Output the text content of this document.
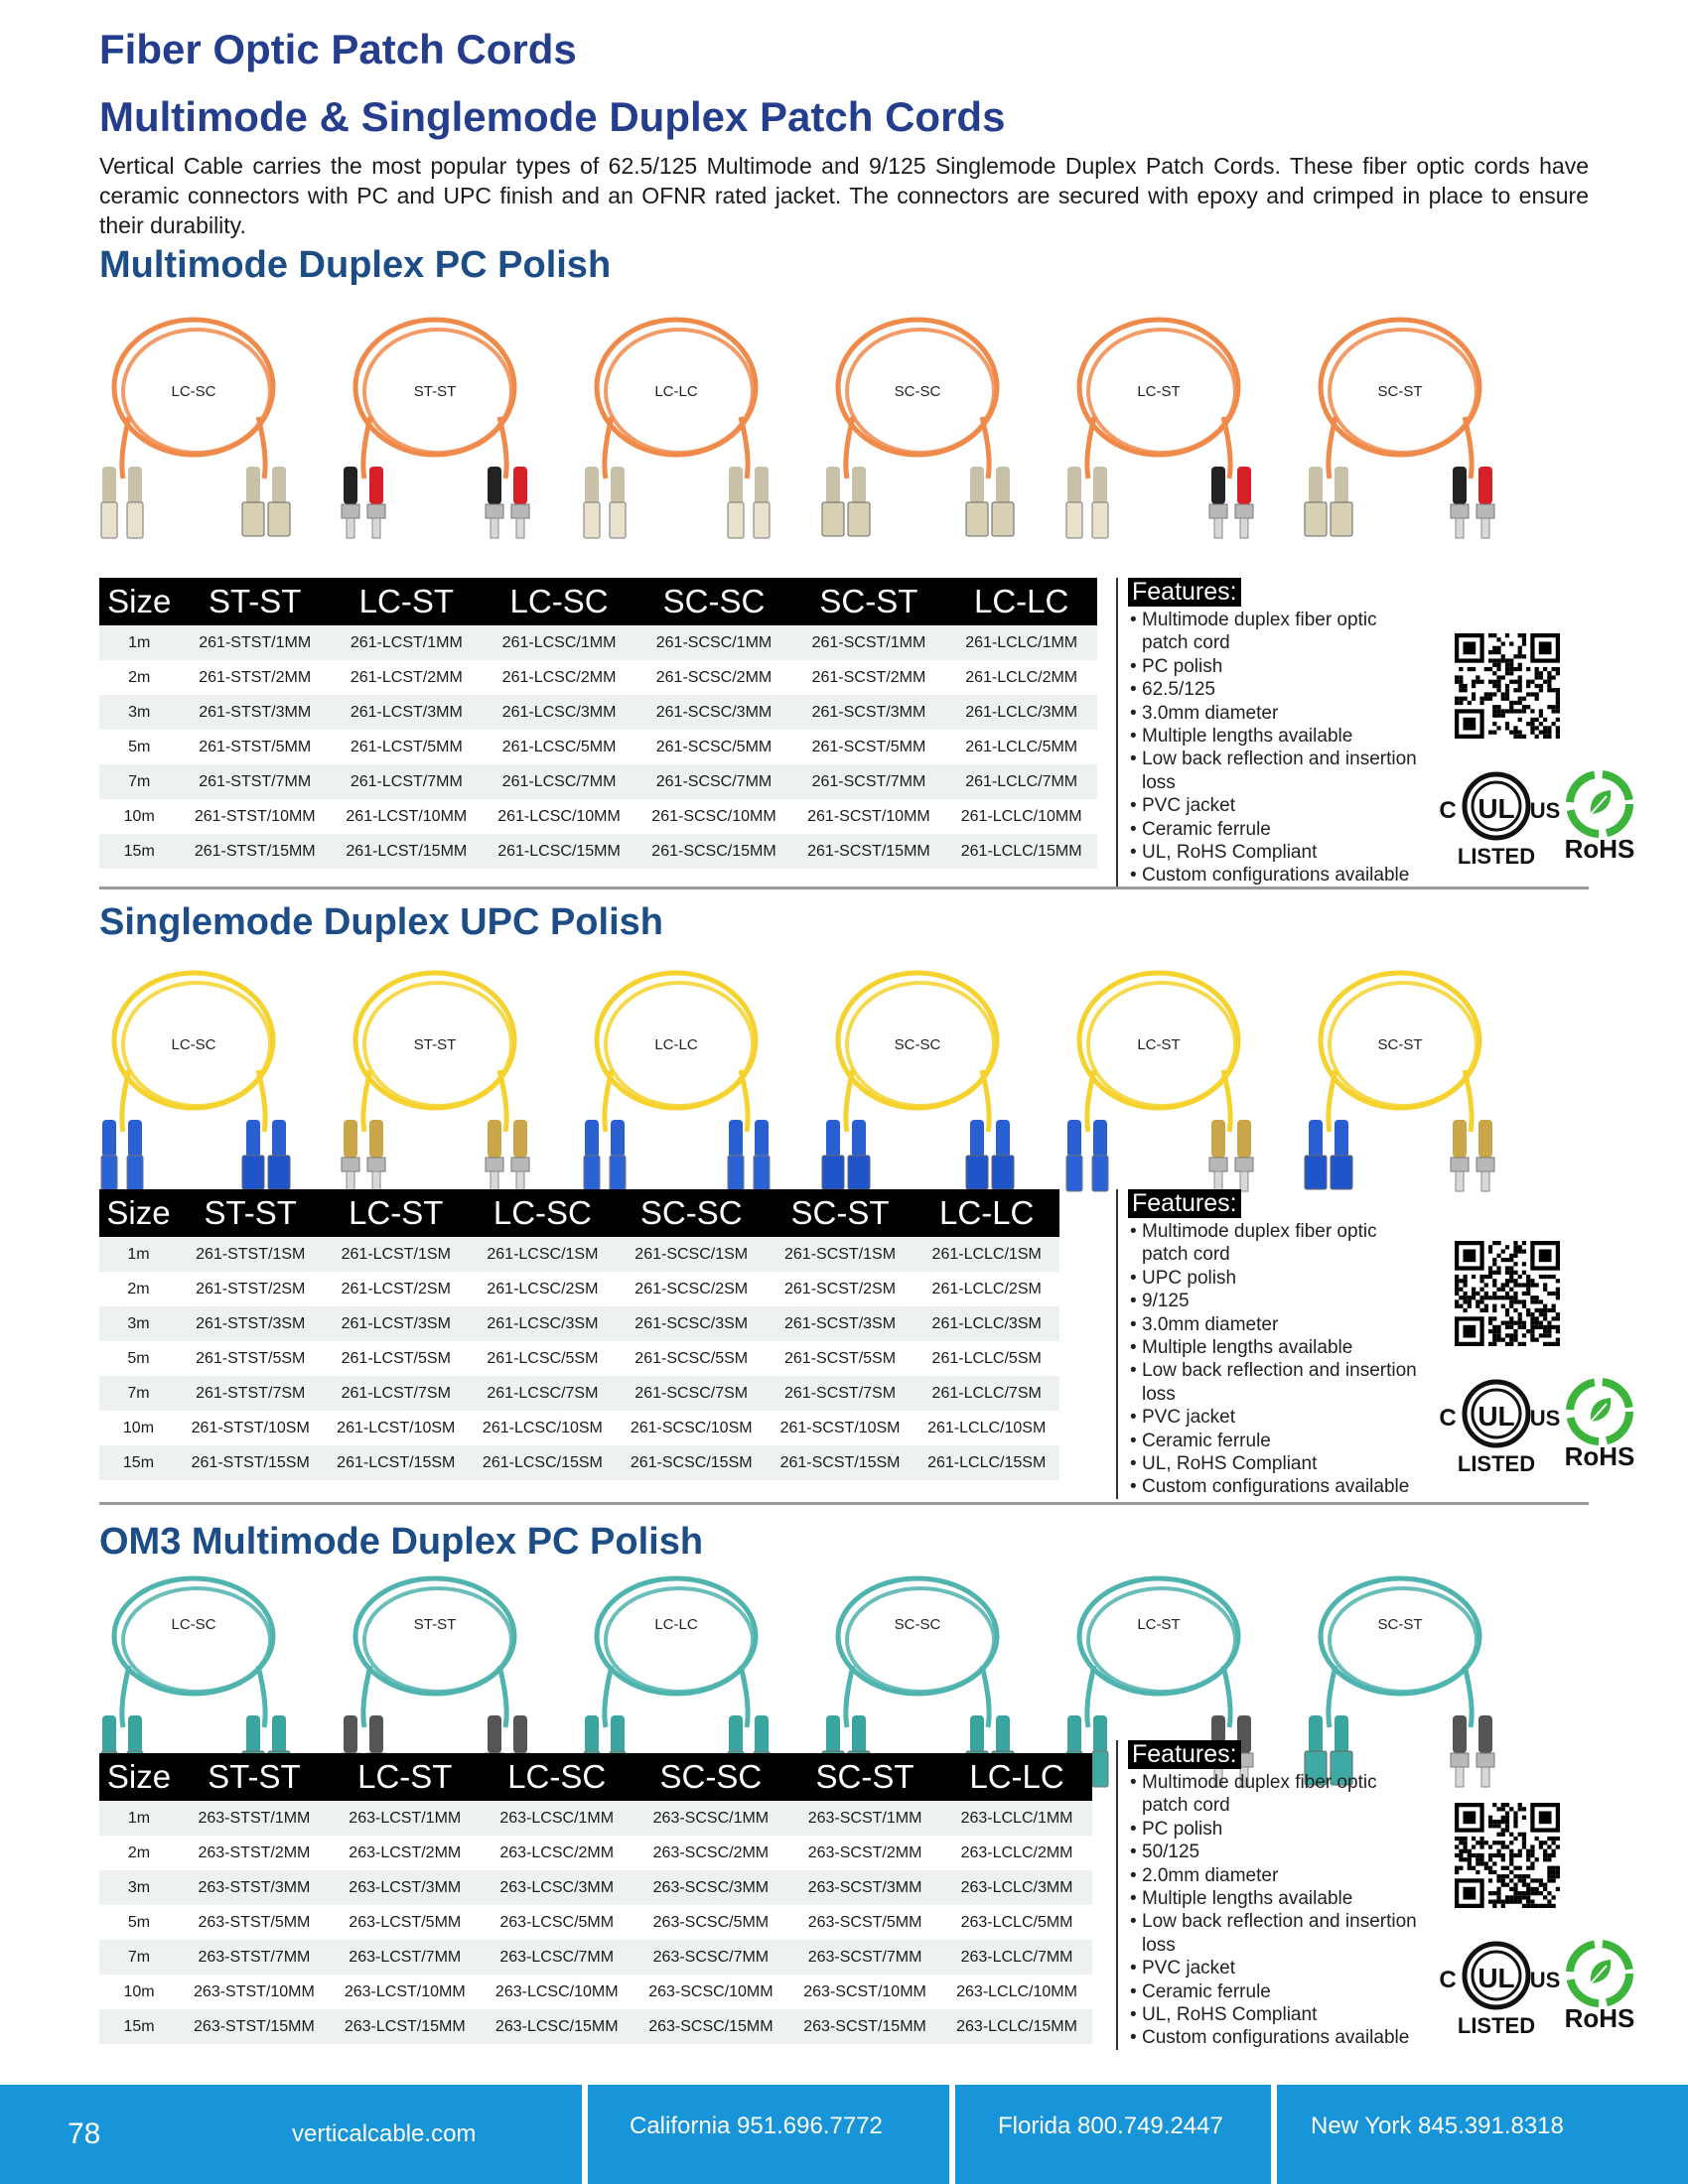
Fiber Optic Patch Cords
Multimode & Singlemode Duplex Patch Cords
Vertical Cable carries the most popular types of 62.5/125 Multimode and 9/125 Singlemode Duplex Patch Cords. These fiber optic cords have ceramic connectors with PC and UPC finish and an OFNR rated jacket. The connectors are secured with epoxy and crimped in place to ensure their durability.
Multimode Duplex PC Polish
LC-SC	ST-ST	LC-LC	SC-SC	LC-ST	SC-ST
Size	ST-ST	LC-ST	LC-SC	SC-SC	SC-ST	LC-LC
1m	261-STST/1MM	261-LCST/1MM	261-LCSC/1MM	261-SCSC/1MM	261-SCST/1MM	261-LCLC/1MM
2m	261-STST/2MM	261-LCST/2MM	261-LCSC/2MM	261-SCSC/2MM	261-SCST/2MM	261-LCLC/2MM
3m	261-STST/3MM	261-LCST/3MM	261-LCSC/3MM	261-SCSC/3MM	261-SCST/3MM	261-LCLC/3MM
5m	261-STST/5MM	261-LCST/5MM	261-LCSC/5MM	261-SCSC/5MM	261-SCST/5MM	261-LCLC/5MM
7m	261-STST/7MM	261-LCST/7MM	261-LCSC/7MM	261-SCSC/7MM	261-SCST/7MM	261-LCLC/7MM
10m	261-STST/10MM	261-LCST/10MM	261-LCSC/10MM	261-SCSC/10MM	261-SCST/10MM	261-LCLC/10MM
15m	261-STST/15MM	261-LCST/15MM	261-LCSC/15MM	261-SCSC/15MM	261-SCST/15MM	261-LCLC/15MM
Features:
• Multimode duplex fiber optic patch cord
• PC polish
• 62.5/125
• 3.0mm diameter
• Multiple lengths available
• Low back reflection and insertion loss
• PVC jacket
• Ceramic ferrule
• UL, RoHS Compliant
• Custom configurations available
UL
C	US
LISTED RoHS
Singlemode Duplex UPC Polish
LC-SC	ST-ST	LC-LC	SC-SC	LC-ST	SC-ST
Size	ST-ST	LC-ST	LC-SC	SC-SC	SC-ST	LC-LC
1m	261-STST/1SM	261-LCST/1SM	261-LCSC/1SM	261-SCSC/1SM	261-SCST/1SM	261-LCLC/1SM
2m	261-STST/2SM	261-LCST/2SM	261-LCSC/2SM	261-SCSC/2SM	261-SCST/2SM	261-LCLC/2SM
3m	261-STST/3SM	261-LCST/3SM	261-LCSC/3SM	261-SCSC/3SM	261-SCST/3SM	261-LCLC/3SM
5m	261-STST/5SM	261-LCST/5SM	261-LCSC/5SM	261-SCSC/5SM	261-SCST/5SM	261-LCLC/5SM
7m	261-STST/7SM	261-LCST/7SM	261-LCSC/7SM	261-SCSC/7SM	261-SCST/7SM	261-LCLC/7SM
10m	261-STST/10SM	261-LCST/10SM	261-LCSC/10SM	261-SCSC/10SM	261-SCST/10SM	261-LCLC/10SM
15m	261-STST/15SM	261-LCST/15SM	261-LCSC/15SM	261-SCSC/15SM	261-SCST/15SM	261-LCLC/15SM
Features:
• Multimode duplex fiber optic patch cord
• UPC polish
• 9/125
• 3.0mm diameter
• Multiple lengths available
• Low back reflection and insertion loss
• PVC jacket
• Ceramic ferrule
• UL, RoHS Compliant
• Custom configurations available
UL
C	US
LISTED RoHS
OM3 Multimode Duplex PC Polish
LC-SC	ST-ST	LC-LC	SC-SC	LC-ST	SC-ST
Size	ST-ST	LC-ST	LC-SC	SC-SC	SC-ST	LC-LC
1m	263-STST/1MM	263-LCST/1MM	263-LCSC/1MM	263-SCSC/1MM	263-SCST/1MM	263-LCLC/1MM
2m	263-STST/2MM	263-LCST/2MM	263-LCSC/2MM	263-SCSC/2MM	263-SCST/2MM	263-LCLC/2MM
3m	263-STST/3MM	263-LCST/3MM	263-LCSC/3MM	263-SCSC/3MM	263-SCST/3MM	263-LCLC/3MM
5m	263-STST/5MM	263-LCST/5MM	263-LCSC/5MM	263-SCSC/5MM	263-SCST/5MM	263-LCLC/5MM
7m	263-STST/7MM	263-LCST/7MM	263-LCSC/7MM	263-SCSC/7MM	263-SCST/7MM	263-LCLC/7MM
10m	263-STST/10MM	263-LCST/10MM	263-LCSC/10MM	263-SCSC/10MM	263-SCST/10MM	263-LCLC/10MM
15m	263-STST/15MM	263-LCST/15MM	263-LCSC/15MM	263-SCSC/15MM	263-SCST/15MM	263-LCLC/15MM
Features:
• Multimode duplex fiber optic patch cord
• PC polish
• 50/125
• 2.0mm diameter
• Multiple lengths available
• Low back reflection and insertion loss
• PVC jacket
• Ceramic ferrule
• UL, RoHS Compliant
• Custom configurations available
UL
C	US
LISTED RoHS
78	verticalcable.com	California 951.696.7772	Florida 800.749.2447	New York 845.391.8318
